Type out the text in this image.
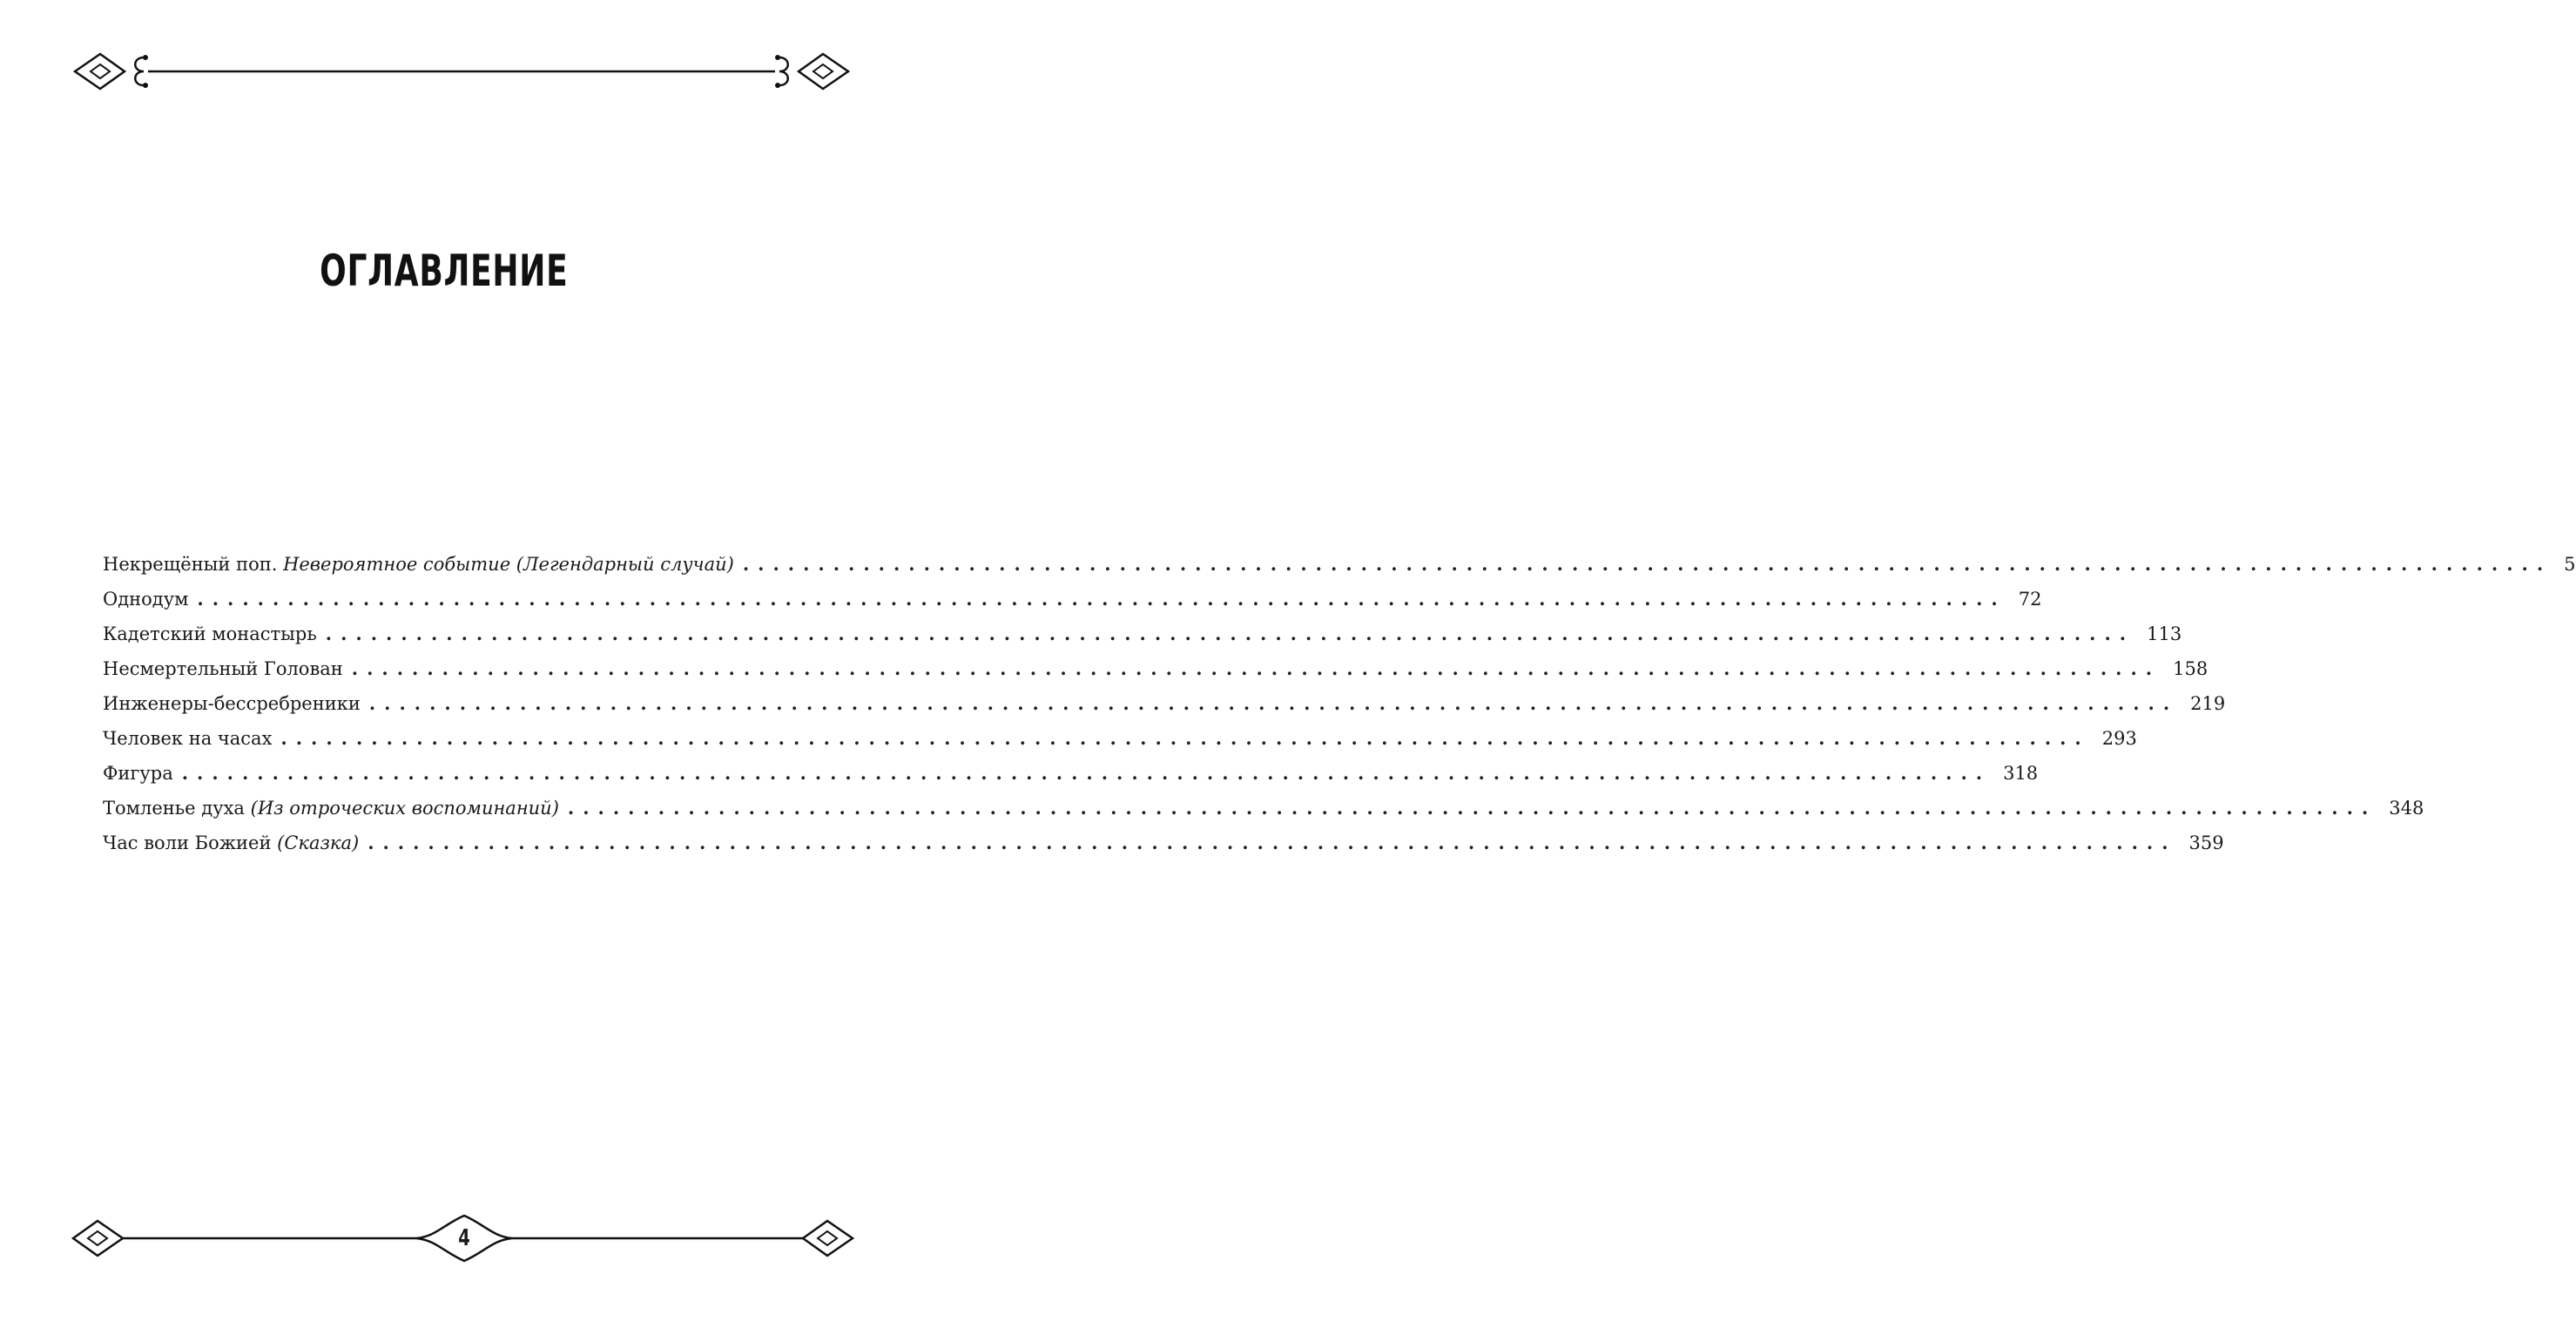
ОГЛАВЛЕНИЕ
Некрещёный поп. Невероятное событие (Легендарный случай) ........................................................................................................................ 5
Однодум ........................................................................................................................ 72
Кадетский монастырь ........................................................................................................................ 113
Несмертельный Голован ........................................................................................................................ 158
Инженеры-бессребреники ........................................................................................................................ 219
Человек на часах ........................................................................................................................ 293
Фигура ........................................................................................................................ 318
Томленье духа (Из отроческих воспоминаний) ........................................................................................................................ 348
Час воли Божией (Сказка) ........................................................................................................................ 359
4
